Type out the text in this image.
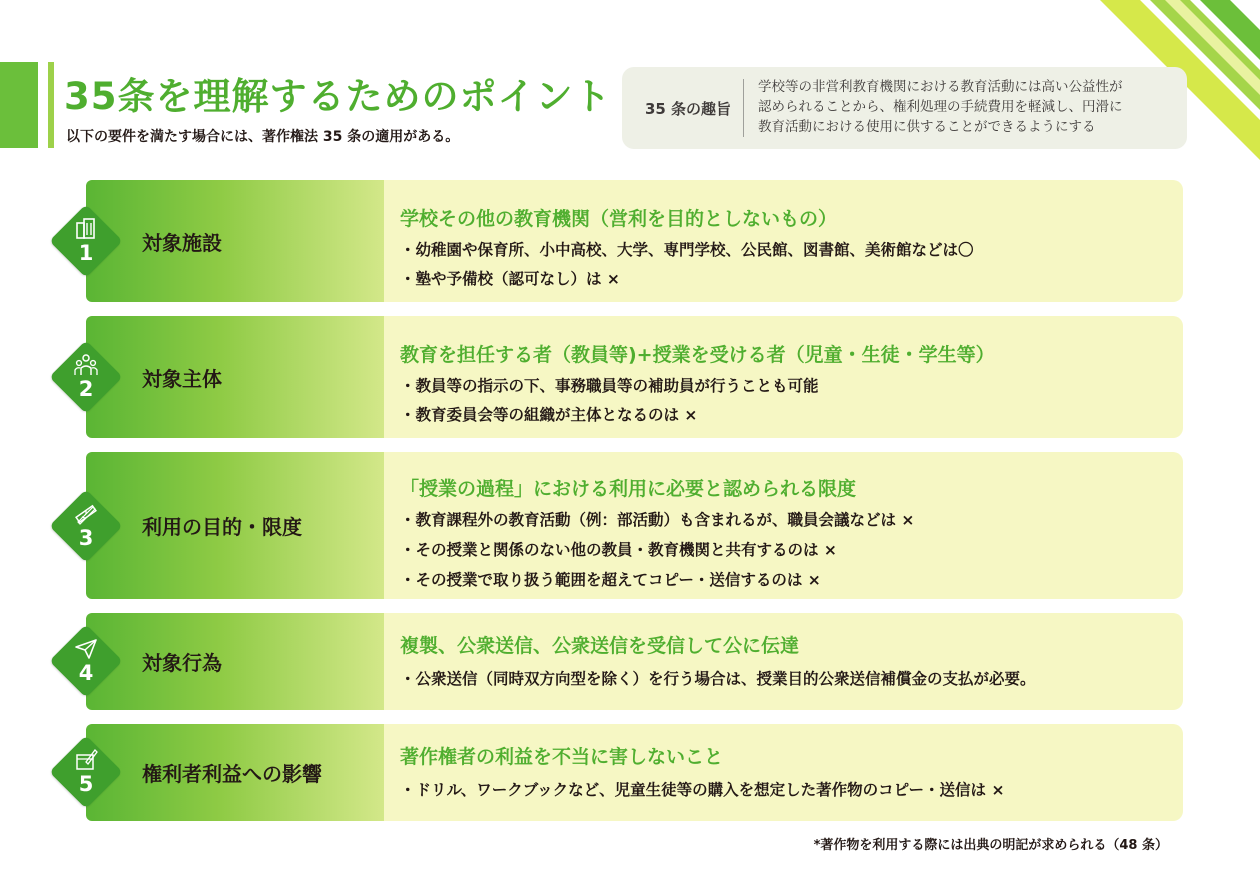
35条を理解するためのポイント
以下の要件を満たす場合には、著作権法 35 条の適用がある。
35 条の趣旨
学校等の非営利教育機関における教育活動には高い公益性が
認められることから、権利処理の手続費用を軽減し、円滑に
教育活動における使用に供することができるようにする
1	対象施設
学校その他の教育機関（営利を目的としないもの）
・幼稚園や保育所、小中高校、大学、専門学校、公民館、図書館、美術館などは〇
・塾や予備校（認可なし）は ×
2	対象主体
教育を担任する者（教員等)+授業を受ける者（児童・生徒・学生等）
・教員等の指示の下、事務職員等の補助員が行うことも可能
・教育委員会等の組織が主体となるのは ×
3	利用の目的・限度
「授業の過程」における利用に必要と認められる限度
・教育課程外の教育活動（例：部活動）も含まれるが、職員会議などは ×
・その授業と関係のない他の教員・教育機関と共有するのは ×
・その授業で取り扱う範囲を超えてコピー・送信するのは ×
4	対象行為
複製、公衆送信、公衆送信を受信して公に伝達
・公衆送信（同時双方向型を除く）を行う場合は、授業目的公衆送信補償金の支払が必要。
5	権利者利益への影響
著作権者の利益を不当に害しないこと
・ドリル、ワークブックなど、児童生徒等の購入を想定した著作物のコピー・送信は ×
*著作物を利用する際には出典の明記が求められる（48 条）
